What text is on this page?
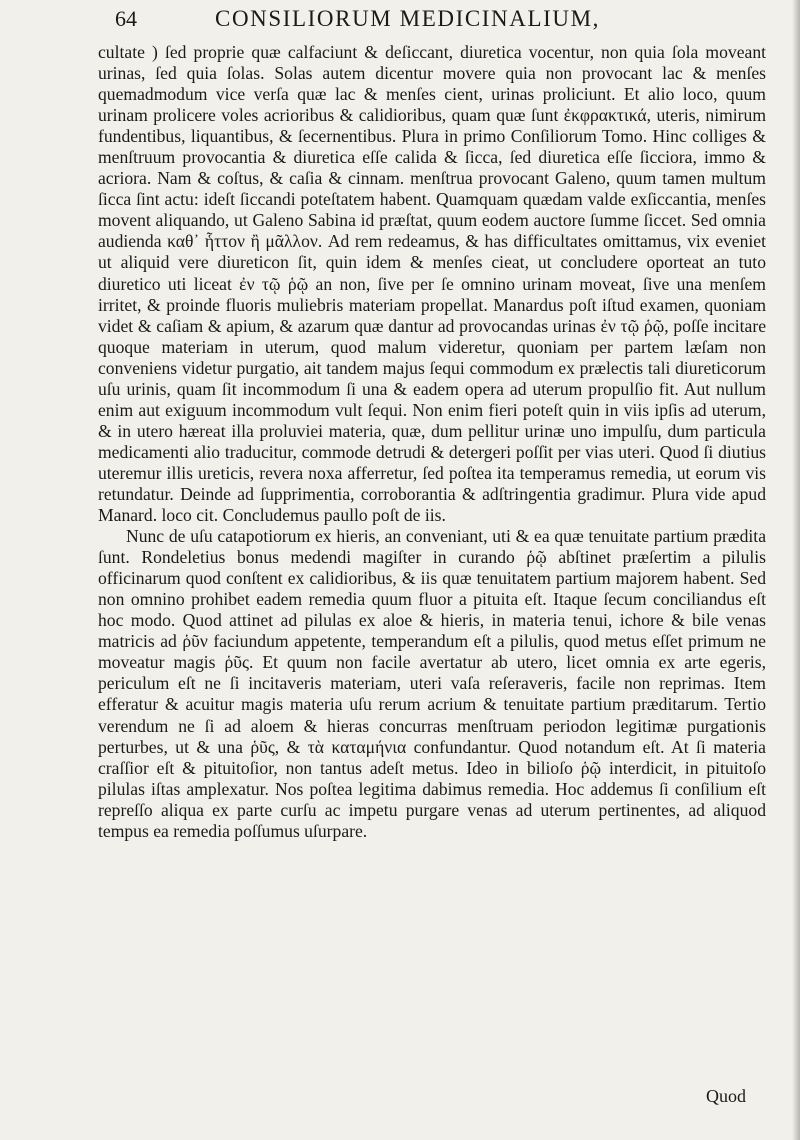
64	CONSILIORUM MEDICINALIUM,

cultate ) ſed proprie quæ calfaciunt & deſiccant, diuretica vocentur, non quia ſola moveant urinas, ſed quia ſolas. Solas autem dicentur movere quia non provocant lac & menſes quemadmodum vice verſa quæ lac & menſes cient, urinas proliciunt. Et alio loco, quum urinam prolicere voles acrioribus & calidioribus, quam quæ ſunt ἐκφρακτικά, uteris, nimirum fundentibus, liquantibus, & ſecernentibus. Plura in primo Conſiliorum Tomo. Hinc colliges & menſtruum provocantia & diuretica eſſe calida & ſicca, ſed diuretica eſſe ſicciora, immo & acriora. Nam & coſtus, & caſia & cinnam. menſtrua provocant Galeno, quum tamen multum ſicca ſint actu: ideſt ſiccandi poteſtatem habent. Quamquam quædam valde exſiccantia, menſes movent aliquando, ut Galeno Sabina id præſtat, quum eodem auctore ſumme ſiccet. Sed omnia audienda καθ᾽ ἧττον ἢ μᾶλλον. Ad rem redeamus, & has difficultates omittamus, vix eveniet ut aliquid vere diureticon ſit, quin idem & menſes cieat, ut concludere oporteat an tuto diuretico uti liceat ἐν τῷ ῥῷ an non, ſive per ſe omnino urinam moveat, ſive una menſem irritet, & proinde fluoris muliebris materiam propellat. Manardus poſt iſtud examen, quoniam videt & caſiam & apium, & azarum quæ dantur ad provocandas urinas ἐν τῷ ῥῷ, poſſe incitare quoque materiam in uterum, quod malum videretur, quoniam per partem læſam non conveniens videtur purgatio, ait tandem majus ſequi commodum ex prælectis tali diureticorum uſu urinis, quam ſit incommodum ſi una & eadem opera ad uterum propulſio fit. Aut nullum enim aut exiguum incommodum vult ſequi. Non enim fieri poteſt quin in viis ipſis ad uterum, & in utero hæreat illa proluviei materia, quæ, dum pellitur urinæ uno impulſu, dum particula medicamenti alio traducitur, commode detrudi & detergeri poſſit per vias uteri. Quod ſi diutius uteremur illis ureticis, revera noxa afferretur, ſed poſtea ita temperamus remedia, ut eorum vis retundatur. Deinde ad ſupprimentia, corroborantia & adſtringentia gradimur. Plura vide apud Manard. loco cit. Concludemus paullo poſt de iis.

Nunc de uſu catapotiorum ex hieris, an conveniant, uti & ea quæ tenuitate partium prædita ſunt. Rondeletius bonus medendi magiſter in curando ῥῷ abſtinet præſertim a pilulis officinarum quod conſtent ex calidioribus, & iis quæ tenuitatem partium majorem habent. Sed non omnino prohibet eadem remedia quum fluor a pituita eſt. Itaque ſecum conciliandus eſt hoc modo. Quod attinet ad pilulas ex aloe & hieris, in materia tenui, ichore & bile venas matricis ad ῥῦν faciundum appetente, temperandum eſt a pilulis, quod metus eſſet primum ne moveatur magis ῥῦς. Et quum non facile avertatur ab utero, licet omnia ex arte egeris, periculum eſt ne ſi incitaveris materiam, uteri vaſa reſeraveris, facile non reprimas. Item efferatur & acuitur magis materia uſu rerum acrium & tenuitate partium præditarum. Tertio verendum ne ſi ad aloem & hieras concurras menſtruam periodon legitimæ purgationis perturbes, ut & una ῥῦς, & τὰ καταμήνια confundantur. Quod notandum eſt. At ſi materia craſſior eſt & pituitoſior, non tantus adeſt metus. Ideo in bilioſo ῥῷ interdicit, in pituitoſo pilulas iſtas amplexatur. Nos poſtea legitima dabimus remedia. Hoc addemus ſi conſilium eſt repreſſo aliqua ex parte curſu ac impetu purgare venas ad uterum pertinentes, ad aliquod tempus ea remedia poſſumus uſurpare.

Quod
